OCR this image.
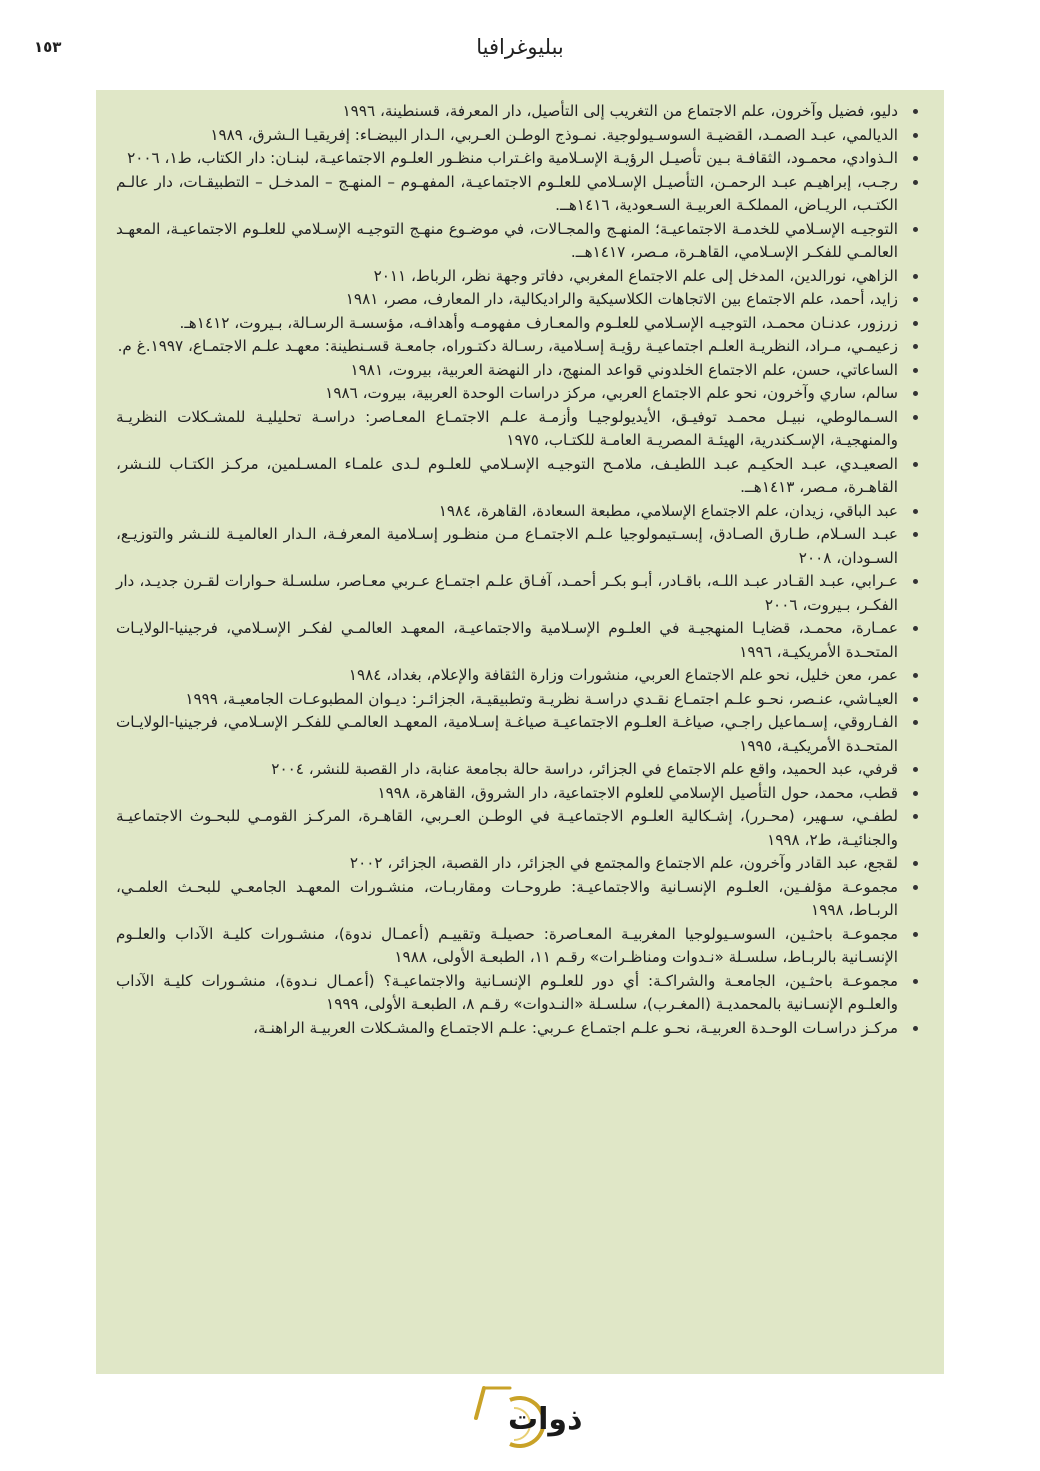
ببليوغرافيا
١٥٣
دليو، فضيل وآخرون، علم الاجتماع من التغريب إلى التأصيل، دار المعرفة، قسنطينة، ١٩٩٦
الديالمي، عبـد الصمـد، القضيـة السوسـيولوجية. نمـوذج الوطـن العـربي، الـدار البيضـاء: إفريقيـا الـشرق، ١٩٨٩
الـذوادي، محمـود، الثقافـة بـين تأصيـل الرؤيـة الإسـلامية واغـتراب منظـور العلـوم الاجتماعيـة، لبنـان: دار الكتاب، ط١، ٢٠٠٦
رجـب، إبراهيـم عبـد الرحمـن، التأصيـل الإسـلامي للعلـوم الاجتماعيـة، المفهـوم – المنهـج – المدخـل – التطبيقـات، دار عالـم الكتـب، الريـاض، المملكـة العربيـة السـعودية، ١٤١٦هــ.
التوجيـه الإسـلامي للخدمـة الاجتماعيـة؛ المنهـج والمجـالات، في موضـوع منهـج التوجيـه الإسـلامي للعلـوم الاجتماعيـة، المعهـد العالمـي للفكـر الإسـلامي، القاهـرة، مـصر، ١٤١٧هــ.
الزاهي، نورالدين، المدخل إلى علم الاجتماع المغربي، دفاتر وجهة نظر، الرباط، ٢٠١١
زايد، أحمد، علم الاجتماع بين الاتجاهات الكلاسيكية والراديكالية، دار المعارف، مصر، ١٩٨١
زرزور، عدنـان محمـد، التوجيـه الإسـلامي للعلـوم والمعـارف مفهومـه وأهدافـه، مؤسسـة الرسـالة، بـيروت، ١٤١٢هـ.
زعيمـي، مـراد، النظريـة العلـم اجتماعيـة رؤيـة إسـلامية، رسـالة دكتـوراه، جامعـة قسـنطينة: معهـد علـم الاجتمـاع، ١٩٩٧.غ م.
الساعاتي، حسن، علم الاجتماع الخلدوني قواعد المنهج، دار النهضة العربية، بيروت، ١٩٨١
سالم، ساري وآخرون، نحو علم الاجتماع العربي، مركز دراسات الوحدة العربية، بيروت، ١٩٨٦
السـمالوطي، نبيـل محمـد توفيـق، الأيديولوجيـا وأزمـة علـم الاجتمـاع المعـاصر: دراسـة تحليليـة للمشـكلات النظريـة والمنهجيـة، الإسـكندرية، الهيئـة المصريـة العامـة للكتـاب، ١٩٧٥
الصعيـدي، عبـد الحكيـم عبـد اللطيـف، ملامـح التوجيـه الإسـلامي للعلـوم لـدى علمـاء المسـلمين، مركـز الكتـاب للنـشر، القاهـرة، مـصر، ١٤١٣هــ.
عبد الباقي، زيدان، علم الاجتماع الإسلامي، مطبعة السعادة، القاهرة، ١٩٨٤
عبـد السـلام، طـارق الصـادق، إبسـتيمولوجيا علـم الاجتمـاع مـن منظـور إسـلامية المعرفـة، الـدار العالميـة للنـشر والتوزيـع، السـودان، ٢٠٠٨
عـرابي، عبـد القـادر عبـد اللـه، باقـادر، أبـو بكـر أحمـد، آفـاق علـم اجتمـاع عـربي معـاصر، سلسـلة حـوارات لقـرن جديـد، دار الفكـر، بـيروت، ٢٠٠٦
عمـارة، محمـد، قضايـا المنهجيـة في العلـوم الإسـلامية والاجتماعيـة، المعهـد العالمـي لفكـر الإسـلامي، فرجينيا-الولايـات المتحـدة الأمريكيـة، ١٩٩٦
عمر، معن خليل، نحو علم الاجتماع العربي، منشورات وزارة الثقافة والإعلام، بغداد، ١٩٨٤
العيـاشي، عنـصر، نحـو علـم اجتمـاع نقـدي دراسـة نظريـة وتطبيقيـة، الجزائـر: ديـوان المطبوعـات الجامعيـة، ١٩٩٩
الفـاروقي، إسـماعيل راجـي، صياغـة العلـوم الاجتماعيـة صياغـة إسـلامية، المعهـد العالمـي للفكـر الإسـلامي، فرجينيا-الولايـات المتحـدة الأمريكيـة، ١٩٩٥
قرفي، عبد الحميد، واقع علم الاجتماع في الجزائر، دراسة حالة بجامعة عنابة، دار القصبة للنشر، ٢٠٠٤
قطب، محمد، حول التأصيل الإسلامي للعلوم الاجتماعية، دار الشروق، القاهرة، ١٩٩٨
لطفـي، سـهير، (محـرر)، إشـكالية العلـوم الاجتماعيـة في الوطـن العـربي، القاهـرة، المركـز القومـي للبحـوث الاجتماعيـة والجنائيـة، ط٢، ١٩٩٨
لقجع، عبد القادر وآخرون، علم الاجتماع والمجتمع في الجزائر، دار القصبة، الجزائر، ٢٠٠٢
مجموعـة مؤلفـين، العلـوم الإنسـانية والاجتماعيـة: طروحـات ومقاربـات، منشـورات المعهـد الجامعـي للبحـث العلمـي، الربـاط، ١٩٩٨
مجموعـة باحثـين، السوسـيولوجيا المغربيـة المعـاصرة: حصيلـة وتقييـم (أعمـال ندوة)، منشـورات كليـة الآداب والعلـوم الإنسـانية بالربـاط، سلسـلة «نـدوات ومناظـرات» رقـم ١١، الطبعـة الأولى، ١٩٨٨
مجموعـة باحثـين، الجامعـة والشراكـة: أي دور للعلـوم الإنسـانية والاجتماعيـة؟ (أعمـال نـدوة)، منشـورات كليـة الآداب والعلـوم الإنسـانية بالمحمديـة (المغـرب)، سلسـلة «النـدوات» رقـم ٨، الطبعـة الأولى، ١٩٩٩
مركـز دراسـات الوحـدة العربيـة، نحـو علـم اجتمـاع عـربي: علـم الاجتمـاع والمشـكلات العربيـة الراهنـة،
ذوات
